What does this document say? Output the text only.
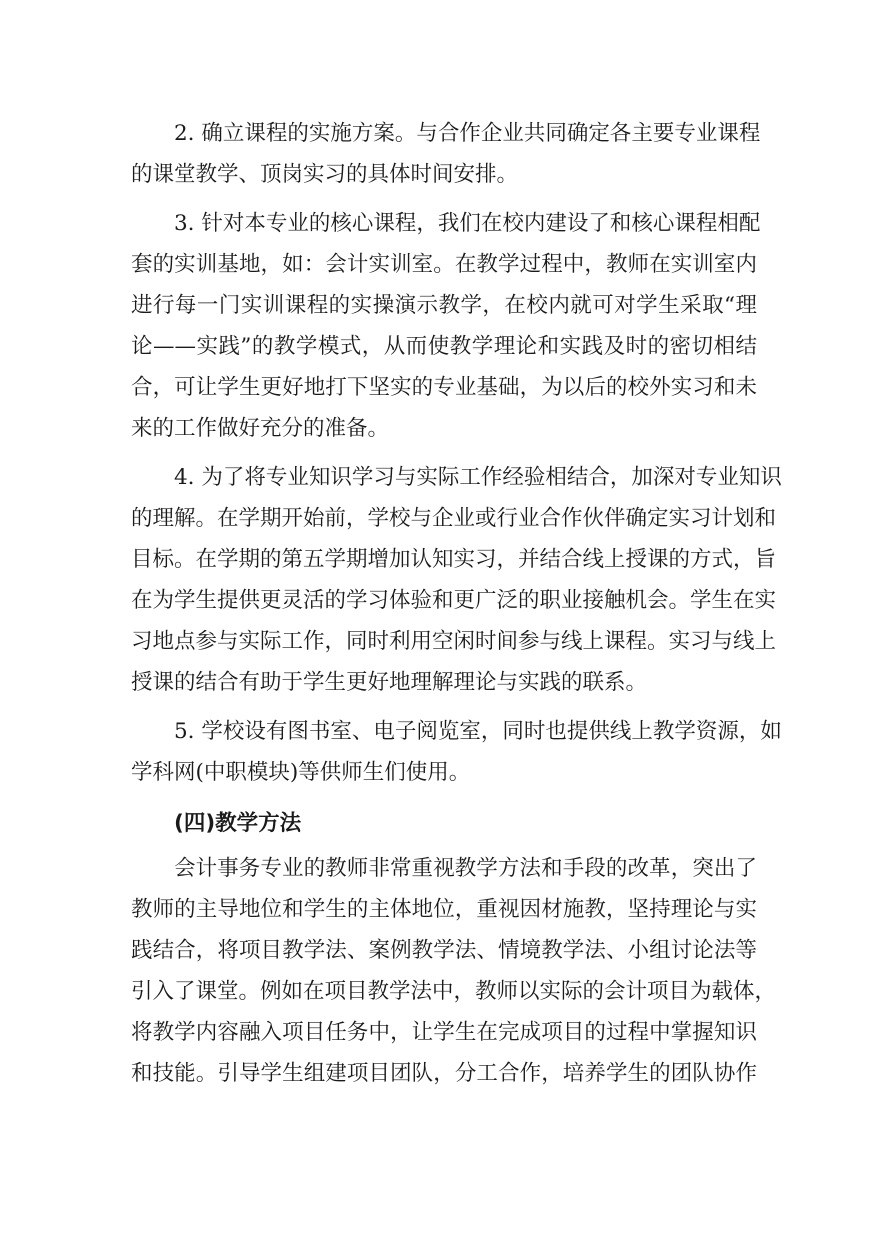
2. 确立课程的实施方案。与合作企业共同确定各主要专业课程
的课堂教学、顶岗实习的具体时间安排。
3. 针对本专业的核心课程，我们在校内建设了和核心课程相配
套的实训基地，如：会计实训室。在教学过程中，教师在实训室内
进行每一门实训课程的实操演示教学，在校内就可对学生采取“理
论——实践”的教学模式，从而使教学理论和实践及时的密切相结
合，可让学生更好地打下坚实的专业基础，为以后的校外实习和未
来的工作做好充分的准备。
4. 为了将专业知识学习与实际工作经验相结合，加深对专业知识
的理解。在学期开始前，学校与企业或行业合作伙伴确定实习计划和
目标。在学期的第五学期增加认知实习，并结合线上授课的方式，旨
在为学生提供更灵活的学习体验和更广泛的职业接触机会。学生在实
习地点参与实际工作，同时利用空闲时间参与线上课程。实习与线上
授课的结合有助于学生更好地理解理论与实践的联系。
5. 学校设有图书室、电子阅览室，同时也提供线上教学资源，如
学科网(中职模块)等供师生们使用。
(四)教学方法
会计事务专业的教师非常重视教学方法和手段的改革，突出了
教师的主导地位和学生的主体地位，重视因材施教，坚持理论与实
践结合，将项目教学法、案例教学法、情境教学法、小组讨论法等
引入了课堂。例如在项目教学法中，教师以实际的会计项目为载体，
将教学内容融入项目任务中，让学生在完成项目的过程中掌握知识
和技能。引导学生组建项目团队，分工合作，培养学生的团队协作
